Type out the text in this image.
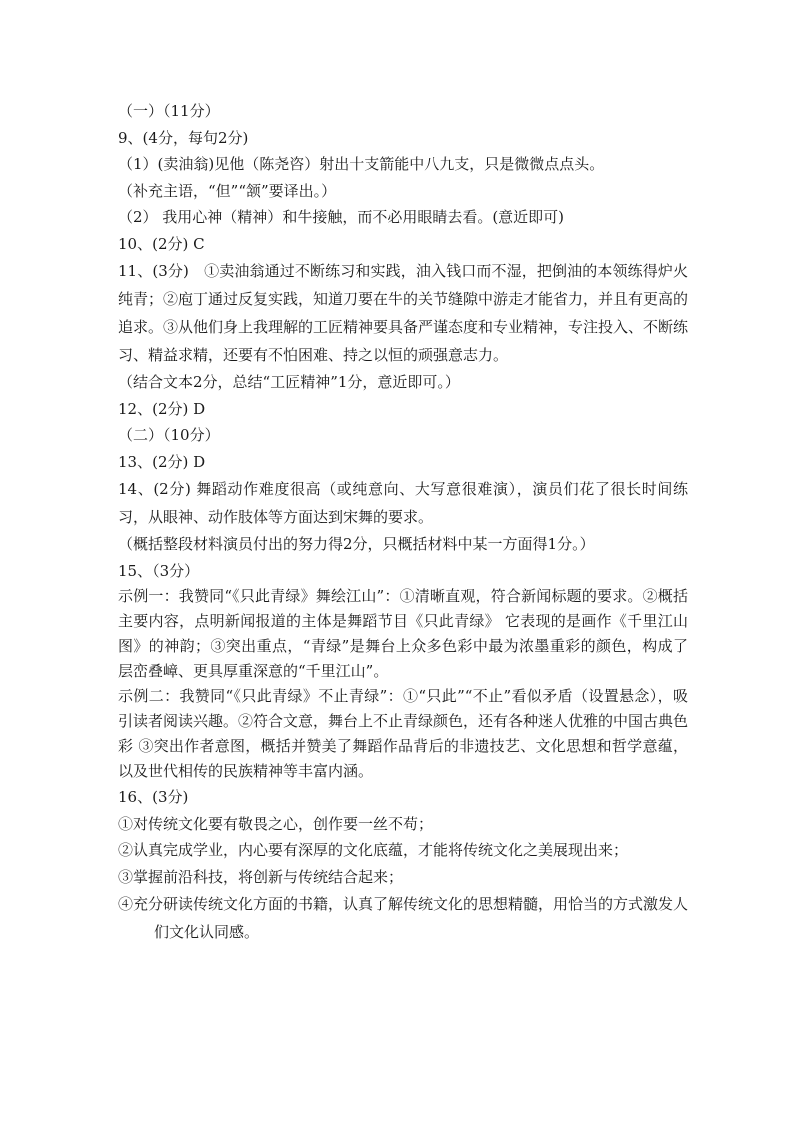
（一）（11分）
9、(4分，每句2分)
（1）(卖油翁)见他（陈尧咨）射出十支箭能中八九支，只是微微点点头。
（补充主语，“但”“颔”要译出。）
（2） 我用心神（精神）和牛接触，而不必用眼睛去看。(意近即可)
10、(2分) C
11、(3分)　①卖油翁通过不断练习和实践，油入钱口而不湿，把倒油的本领练得炉火纯青；②庖丁通过反复实践，知道刀要在牛的关节缝隙中游走才能省力，并且有更高的追求。③从他们身上我理解的工匠精神要具备严谨态度和专业精神，专注投入、不断练习、精益求精，还要有不怕困难、持之以恒的顽强意志力。
（结合文本2分，总结“工匠精神”1分，意近即可。）
12、(2分) D
（二）（10分）
13、(2分) D
14、(2分) 舞蹈动作难度很高（或纯意向、大写意很难演），演员们花了很长时间练习，从眼神、动作肢体等方面达到宋舞的要求。
（概括整段材料演员付出的努力得2分，只概括材料中某一方面得1分。）
15、（3分）
示例一：我赞同“《只此青绿》舞绘江山”：①清晰直观，符合新闻标题的要求。②概括主要内容，点明新闻报道的主体是舞蹈节目《只此青绿》 它表现的是画作《千里江山图》的神韵；③突出重点，“青绿”是舞台上众多色彩中最为浓墨重彩的颜色，构成了层峦叠嶂、更具厚重深意的“千里江山”。
示例二：我赞同“《只此青绿》不止青绿”：①“只此”“不止”看似矛盾（设置悬念），吸引读者阅读兴趣。②符合文意，舞台上不止青绿颜色，还有各种迷人优雅的中国古典色彩 ③突出作者意图，概括并赞美了舞蹈作品背后的非遗技艺、文化思想和哲学意蕴，以及世代相传的民族精神等丰富内涵。
16、(3分)
①对传统文化要有敬畏之心，创作要一丝不苟；
②认真完成学业，内心要有深厚的文化底蕴，才能将传统文化之美展现出来；
③掌握前沿科技，将创新与传统结合起来；
④充分研读传统文化方面的书籍，认真了解传统文化的思想精髓，用恰当的方式激发人们文化认同感。
